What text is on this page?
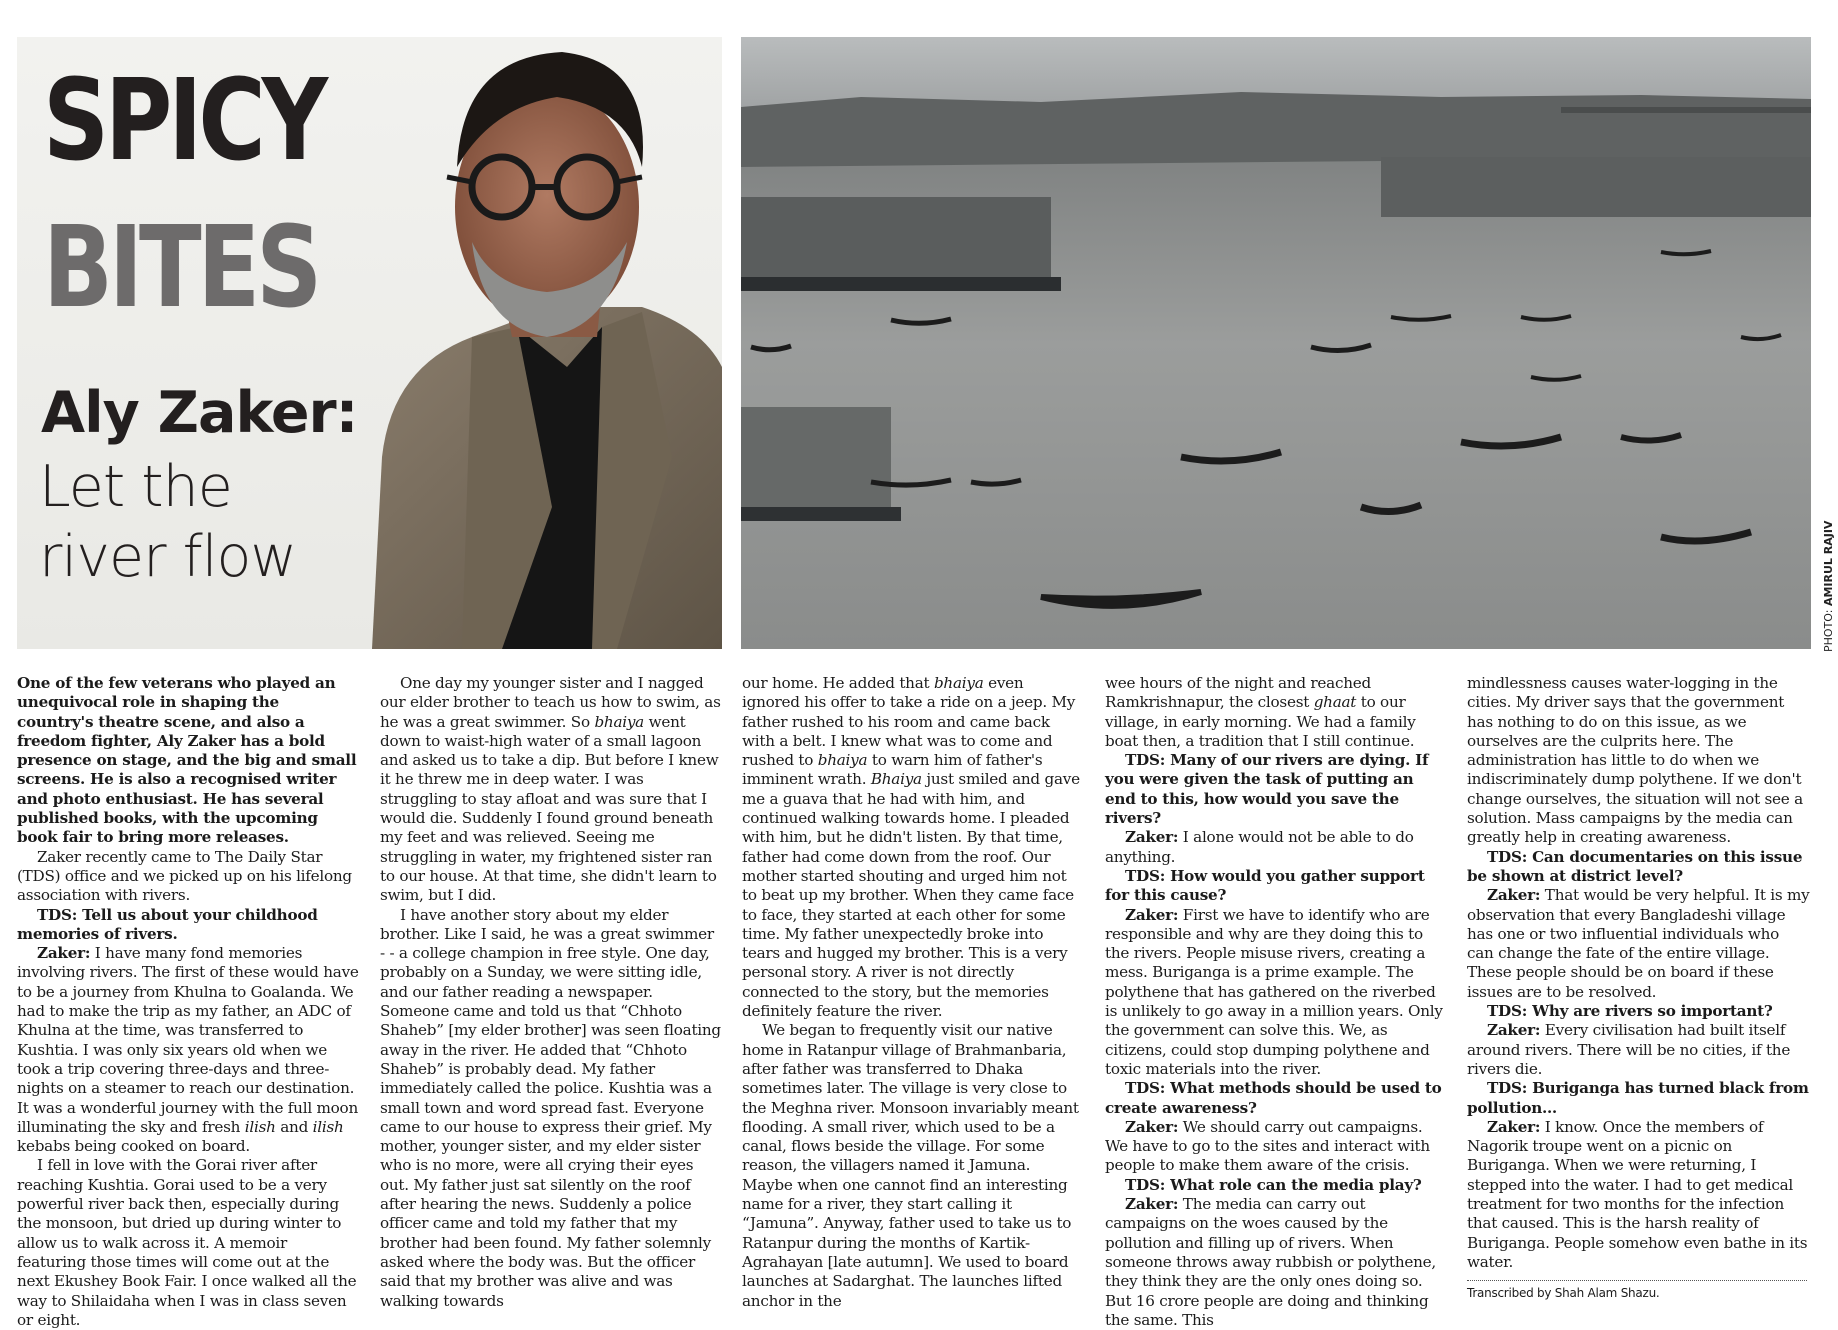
SPICY
BITES
Aly Zaker:
Let the river flow
PHOTO: AMIRUL RAJIV

One of the few veterans who played an unequivocal role in shaping the country's theatre scene, and also a freedom fighter, Aly Zaker has a bold presence on stage, and the big and small screens. He is also a recognised writer and photo enthusiast. He has several published books, with the upcoming book fair to bring more releases.

Zaker recently came to The Daily Star (TDS) office and we picked up on his lifelong association with rivers.

TDS: Tell us about your childhood memories of rivers.

Zaker: I have many fond memories involving rivers. The first of these would have to be a journey from Khulna to Goalanda. We had to make the trip as my father, an ADC of Khulna at the time, was transferred to Kushtia. I was only six years old when we took a trip covering three-days and three-nights on a steamer to reach our destination. It was a wonderful journey with the full moon illuminating the sky and fresh ilish and ilish kebabs being cooked on board.

I fell in love with the Gorai river after reaching Kushtia. Gorai used to be a very powerful river back then, especially during the monsoon, but dried up during winter to allow us to walk across it. A memoir featuring those times will come out at the next Ekushey Book Fair. I once walked all the way to Shilaidaha when I was in class seven or eight.

One day my younger sister and I nagged our elder brother to teach us how to swim, as he was a great swimmer. So bhaiya went down to waist-high water of a small lagoon and asked us to take a dip. But before I knew it he threw me in deep water. I was struggling to stay afloat and was sure that I would die. Suddenly I found ground beneath my feet and was relieved. Seeing me struggling in water, my frightened sister ran to our house. At that time, she didn't learn to swim, but I did.

I have another story about my elder brother. Like I said, he was a great swimmer - - a college champion in free style. One day, probably on a Sunday, we were sitting idle, and our father reading a newspaper. Someone came and told us that “Chhoto Shaheb” [my elder brother] was seen floating away in the river. He added that “Chhoto Shaheb” is probably dead. My father immediately called the police. Kushtia was a small town and word spread fast. Everyone came to our house to express their grief. My mother, younger sister, and my elder sister who is no more, were all crying their eyes out. My father just sat silently on the roof after hearing the news. Suddenly a police officer came and told my father that my brother had been found. My father solemnly asked where the body was. But the officer said that my brother was alive and was walking towards

our home. He added that bhaiya even ignored his offer to take a ride on a jeep. My father rushed to his room and came back with a belt. I knew what was to come and rushed to bhaiya to warn him of father's imminent wrath. Bhaiya just smiled and gave me a guava that he had with him, and continued walking towards home. I pleaded with him, but he didn't listen. By that time, father had come down from the roof. Our mother started shouting and urged him not to beat up my brother. When they came face to face, they started at each other for some time. My father unexpectedly broke into tears and hugged my brother. This is a very personal story. A river is not directly connected to the story, but the memories definitely feature the river.

We began to frequently visit our native home in Ratanpur village of Brahmanbaria, after father was transferred to Dhaka sometimes later. The village is very close to the Meghna river. Monsoon invariably meant flooding. A small river, which used to be a canal, flows beside the village. For some reason, the villagers named it Jamuna. Maybe when one cannot find an interesting name for a river, they start calling it “Jamuna”. Anyway, father used to take us to Ratanpur during the months of Kartik-Agrahayan [late autumn]. We used to board launches at Sadarghat. The launches lifted anchor in the

wee hours of the night and reached Ramkrishnapur, the closest ghaat to our village, in early morning. We had a family boat then, a tradition that I still continue.

TDS: Many of our rivers are dying. If you were given the task of putting an end to this, how would you save the rivers?

Zaker: I alone would not be able to do anything.

TDS: How would you gather support for this cause?

Zaker: First we have to identify who are responsible and why are they doing this to the rivers. People misuse rivers, creating a mess. Buriganga is a prime example. The polythene that has gathered on the riverbed is unlikely to go away in a million years. Only the government can solve this. We, as citizens, could stop dumping polythene and toxic materials into the river.

TDS: What methods should be used to create awareness?

Zaker: We should carry out campaigns. We have to go to the sites and interact with people to make them aware of the crisis.

TDS: What role can the media play?

Zaker: The media can carry out campaigns on the woes caused by the pollution and filling up of rivers. When someone throws away rubbish or polythene, they think they are the only ones doing so. But 16 crore people are doing and thinking the same. This

mindlessness causes water-logging in the cities. My driver says that the government has nothing to do on this issue, as we ourselves are the culprits here. The administration has little to do when we indiscriminately dump polythene. If we don't change ourselves, the situation will not see a solution. Mass campaigns by the media can greatly help in creating awareness.

TDS: Can documentaries on this issue be shown at district level?

Zaker: That would be very helpful. It is my observation that every Bangladeshi village has one or two influential individuals who can change the fate of the entire village. These people should be on board if these issues are to be resolved.

TDS: Why are rivers so important?

Zaker: Every civilisation had built itself around rivers. There will be no cities, if the rivers die.

TDS: Buriganga has turned black from pollution…

Zaker: I know. Once the members of Nagorik troupe went on a picnic on Buriganga. When we were returning, I stepped into the water. I had to get medical treatment for two months for the infection that caused. This is the harsh reality of Buriganga. People somehow even bathe in its water.

Transcribed by Shah Alam Shazu.
